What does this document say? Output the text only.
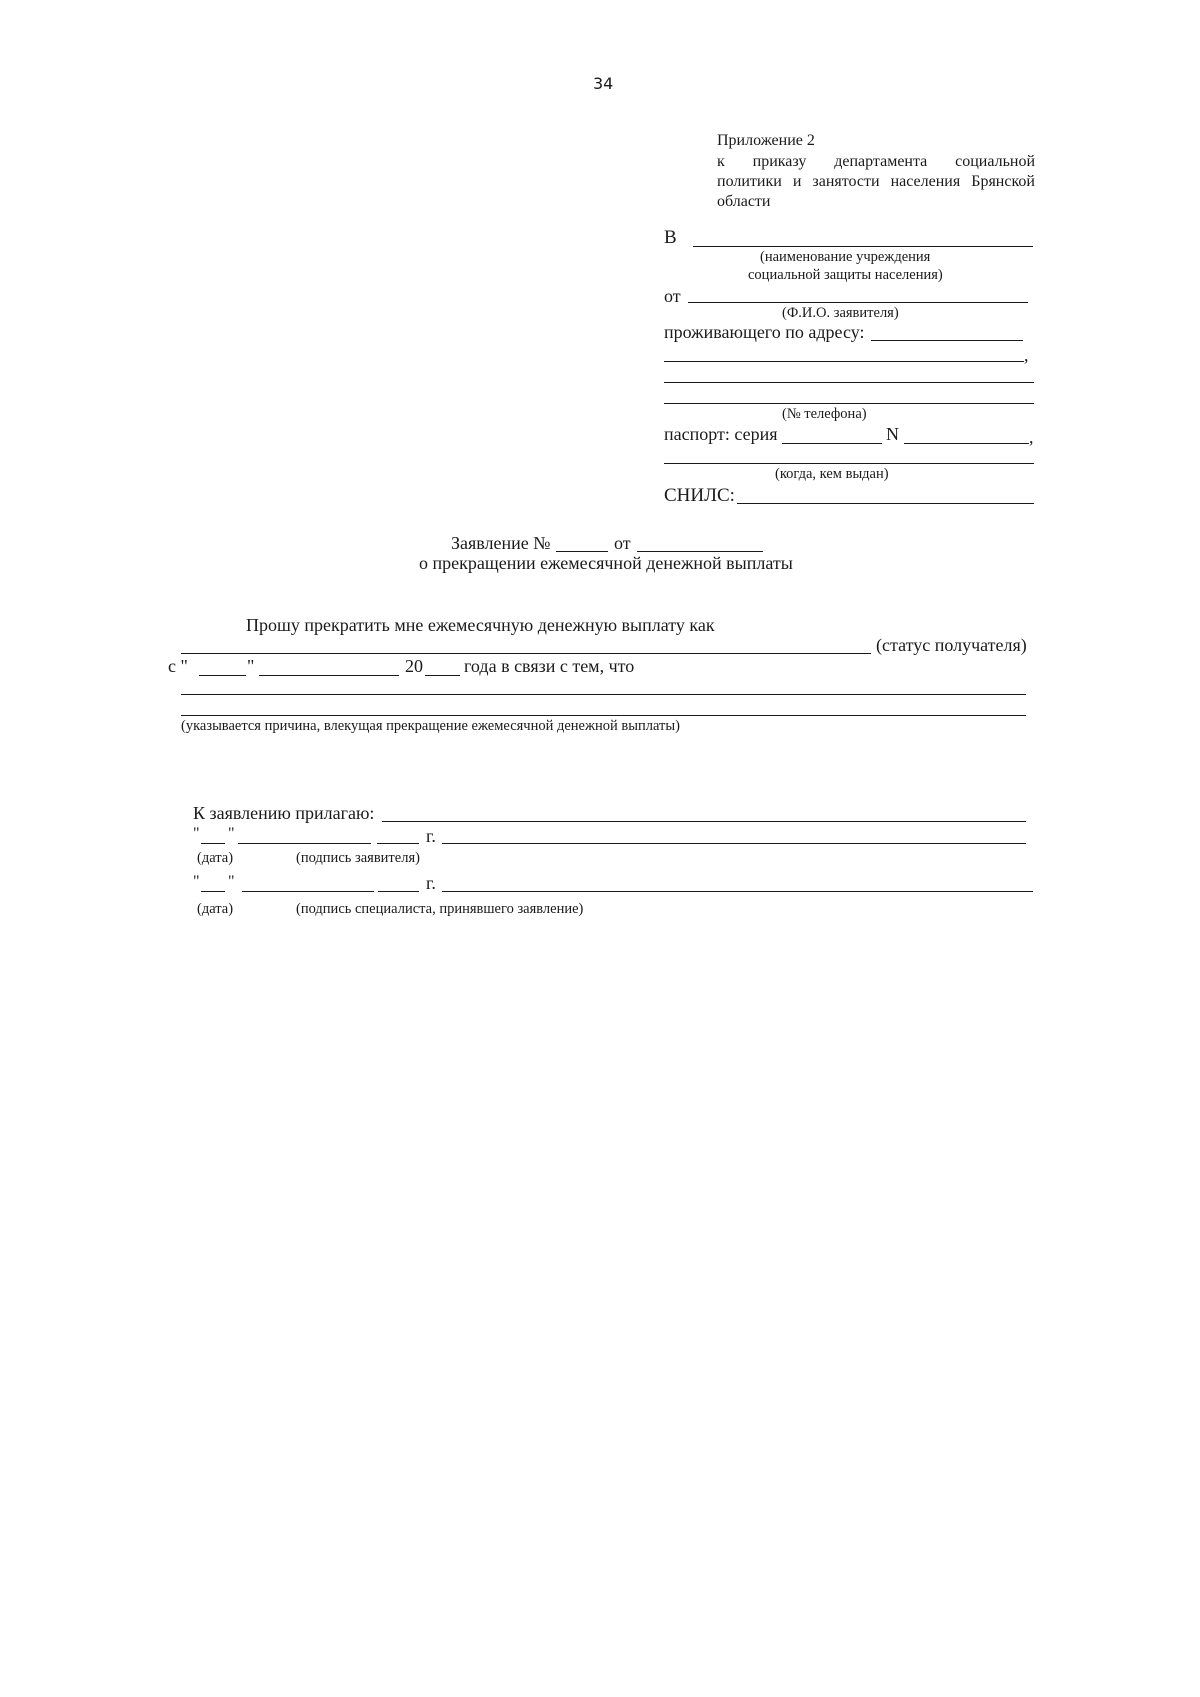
34
Приложение 2
к приказу департамента социальной
политики и занятости населения Брянской
области
В
(наименование учреждения
социальной защиты населения)
от
(Ф.И.О. заявителя)
проживающего по адресу:
,
(№ телефона)
паспорт: серия	N	,
(когда, кем выдан)
СНИЛС:
Заявление №	от
о прекращении ежемесячной денежной выплаты
Прошу прекратить мне ежемесячную денежную выплату как
(статус получателя)
с "	"	20 года в связи с тем, что
(указывается причина, влекущая прекращение ежемесячной денежной выплаты)
К заявлению прилагаю:
" "	г.
(дата)	(подпись заявителя)
" "	г.
(дата)	(подпись специалиста, принявшего заявление)
